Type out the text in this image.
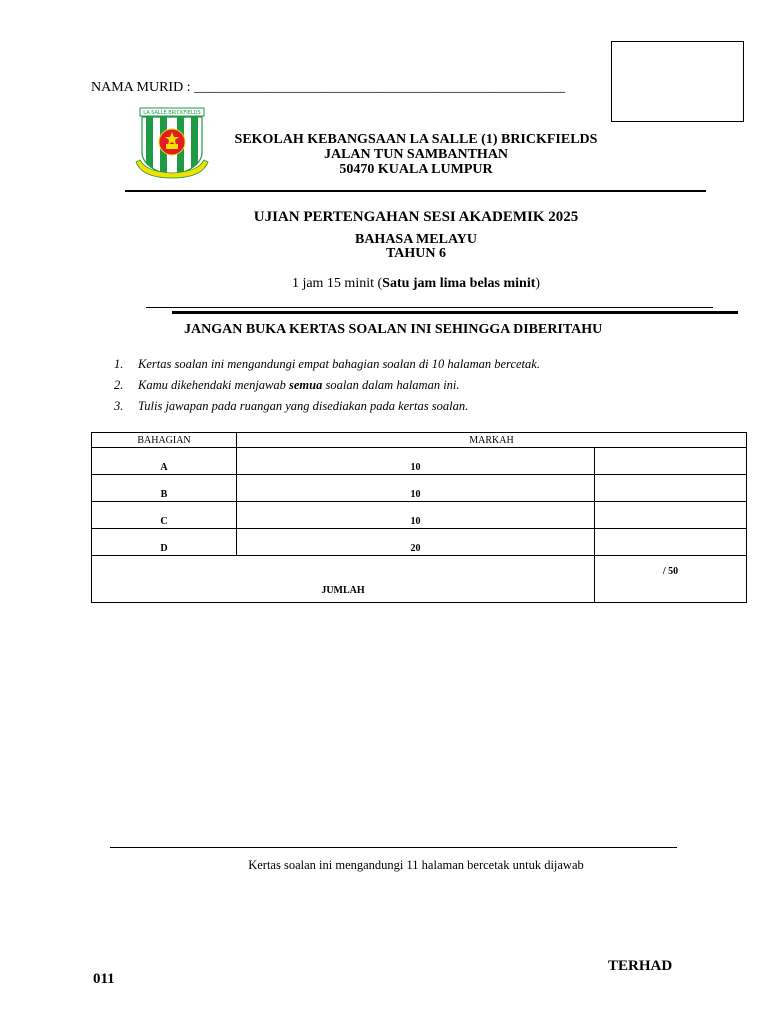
NAMA MURID : _____________________________________________________
LA SALLE BRICKFIELDS
SEKOLAH KEBANGSAAN LA SALLE (1) BRICKFIELDS
JALAN TUN SAMBANTHAN
50470 KUALA LUMPUR
UJIAN PERTENGAHAN SESI AKADEMIK 2025
BAHASA MELAYU
TAHUN 6
1 jam 15 minit (Satu jam lima belas minit)
JANGAN BUKA KERTAS SOALAN INI SEHINGGA DIBERITAHU
1.	Kertas soalan ini mengandungi empat bahagian soalan di 10 halaman bercetak.
2.	Kamu dikehendaki menjawab semua soalan dalam halaman ini.
3.	Tulis jawapan pada ruangan yang disediakan pada kertas soalan.
BAHAGIAN	MARKAH	
A	10	
B	10	
C	10	
D	20	
JUMLAH		/ 50
Kertas soalan ini mengandungi 11 halaman bercetak untuk dijawab
TERHAD
011
